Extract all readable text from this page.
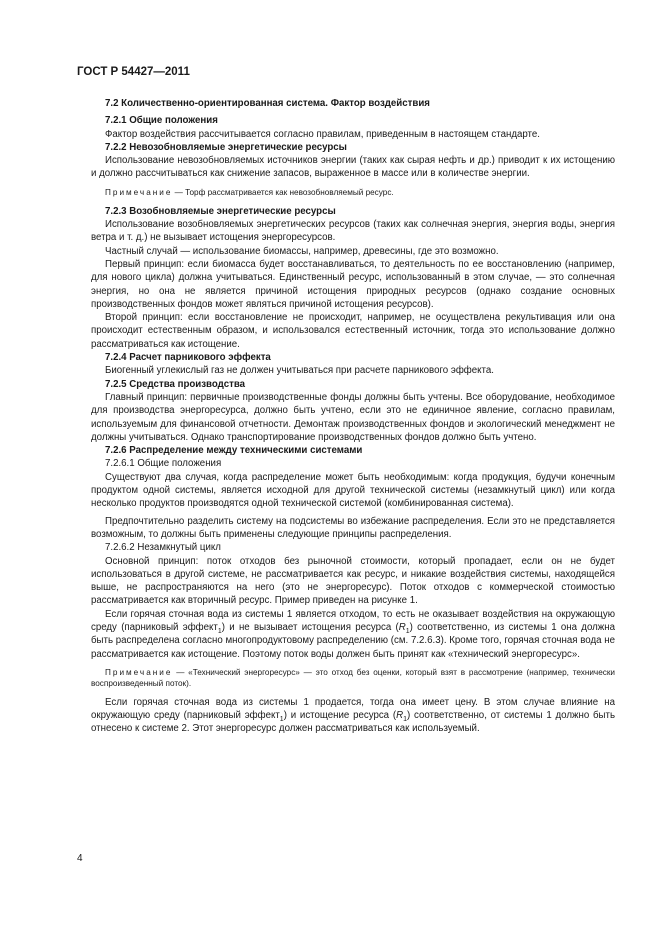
ГОСТ Р 54427—2011
7.2 Количественно-ориентированная система. Фактор воздействия
7.2.1 Общие положения

Фактор воздействия рассчитывается согласно правилам, приведенным в настоящем стандарте.

7.2.2 Невозобновляемые энергетические ресурсы

Использование невозобновляемых источников энергии (таких как сырая нефть и др.) приводит к их истощению и должно рассчитываться как снижение запасов, выраженное в массе или в количестве энергии.

Примечание — Торф рассматривается как невозобновляемый ресурс.
7.2.3 Возобновляемые энергетические ресурсы

Использование возобновляемых энергетических ресурсов (таких как солнечная энергия, энергия воды, энергия ветра и т. д.) не вызывает истощения энергоресурсов.

Частный случай — использование биомассы, например, древесины, где это возможно.

Первый принцип: если биомасса будет восстанавливаться, то деятельность по ее восстановлению (например, для нового цикла) должна учитываться. Единственный ресурс, использованный в этом случае, — это солнечная энергия, но она не является причиной истощения природных ресурсов (однако создание основных производственных фондов может являться причиной истощения ресурсов).

Второй принцип: если восстановление не происходит, например, не осуществлена рекультивация или она происходит естественным образом, и использовался естественный источник, тогда это использование должно рассматриваться как истощение.

7.2.4 Расчет парникового эффекта

Биогенный углекислый газ не должен учитываться при расчете парникового эффекта.

7.2.5 Средства производства

Главный принцип: первичные производственные фонды должны быть учтены. Все оборудование, необходимое для производства энергоресурса, должно быть учтено, если это не единичное явление, согласно правилам, используемым для финансовой отчетности. Демонтаж производственных фондов и экологический менеджмент не должны учитываться. Однако транспортирование производственных фондов должно быть учтено.

7.2.6 Распределение между техническими системами
7.2.6.1 Общие положения

Существуют два случая, когда распределение может быть необходимым: когда продукция, будучи конечным продуктом одной системы, является исходной для другой технической системы (незамкнутый цикл) или когда несколько продуктов производятся одной технической системой (комбинированная система).

Предпочтительно разделить систему на подсистемы во избежание распределения. Если это не представляется возможным, то должны быть применены следующие принципы распределения.

7.2.6.2 Незамкнутый цикл

Основной принцип: поток отходов без рыночной стоимости, который пропадает, если он не будет использоваться в другой системе, не рассматривается как ресурс, и никакие воздействия системы, находящейся выше, не распространяются на него (это не энергоресурс). Поток отходов с коммерческой стоимостью рассматривается как вторичный ресурс. Пример приведен на рисунке 1.

Если горячая сточная вода из системы 1 является отходом, то есть не оказывает воздействия на окружающую среду (парниковый эффект$_1$) и не вызывает истощения ресурса $(R_1)$ соответственно, из системы 1 она должна быть распределена согласно многопродуктовому распределению (см. 7.2.6.3). Кроме того, горячая сточная вода не рассматривается как истощение. Поэтому поток воды должен быть принят как «технический энергоресурс».

Примечание — «Технический энергоресурс» — это отход без оценки, который взят в рассмотрение (например, технически воспроизведенный поток).

Если горячая сточная вода из системы 1 продается, тогда она имеет цену. В этом случае влияние на окружающую среду (парниковый эффект$_1$) и истощение ресурса $(R_1)$ соответственно, от системы 1 должно быть отнесено к системе 2. Этот энергоресурс должен рассматриваться как используемый.

4
